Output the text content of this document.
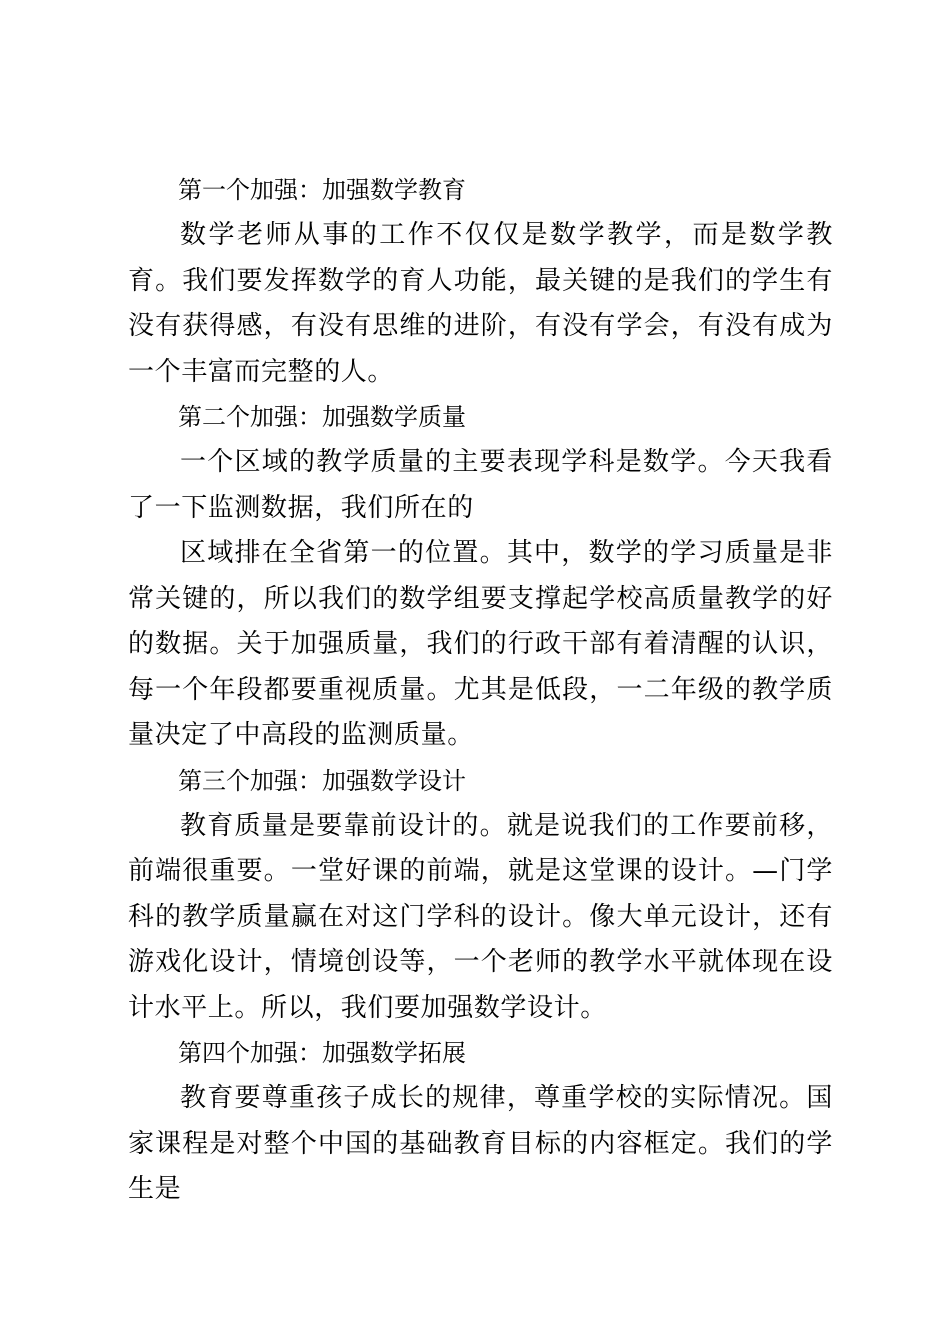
第一个加强：加强数学教育

数学老师从事的工作不仅仅是数学教学，而是数学教育。我们要发挥数学的育人功能，最关键的是我们的学生有没有获得感，有没有思维的进阶，有没有学会，有没有成为一个丰富而完整的人。

第二个加强：加强数学质量

一个区域的教学质量的主要表现学科是数学。今天我看了一下监测数据，我们所在的

区域排在全省第一的位置。其中，数学的学习质量是非常关键的，所以我们的数学组要支撑起学校高质量教学的好的数据。关于加强质量，我们的行政干部有着清醒的认识，每一个年段都要重视质量。尤其是低段，一二年级的教学质量决定了中高段的监测质量。

第三个加强：加强数学设计

教育质量是要靠前设计的。就是说我们的工作要前移，前端很重要。一堂好课的前端，就是这堂课的设计。—门学科的教学质量赢在对这门学科的设计。像大单元设计，还有游戏化设计，情境创设等，一个老师的教学水平就体现在设计水平上。所以，我们要加强数学设计。

第四个加强：加强数学拓展

教育要尊重孩子成长的规律，尊重学校的实际情况。国家课程是对整个中国的基础教育目标的内容框定。我们的学生是
